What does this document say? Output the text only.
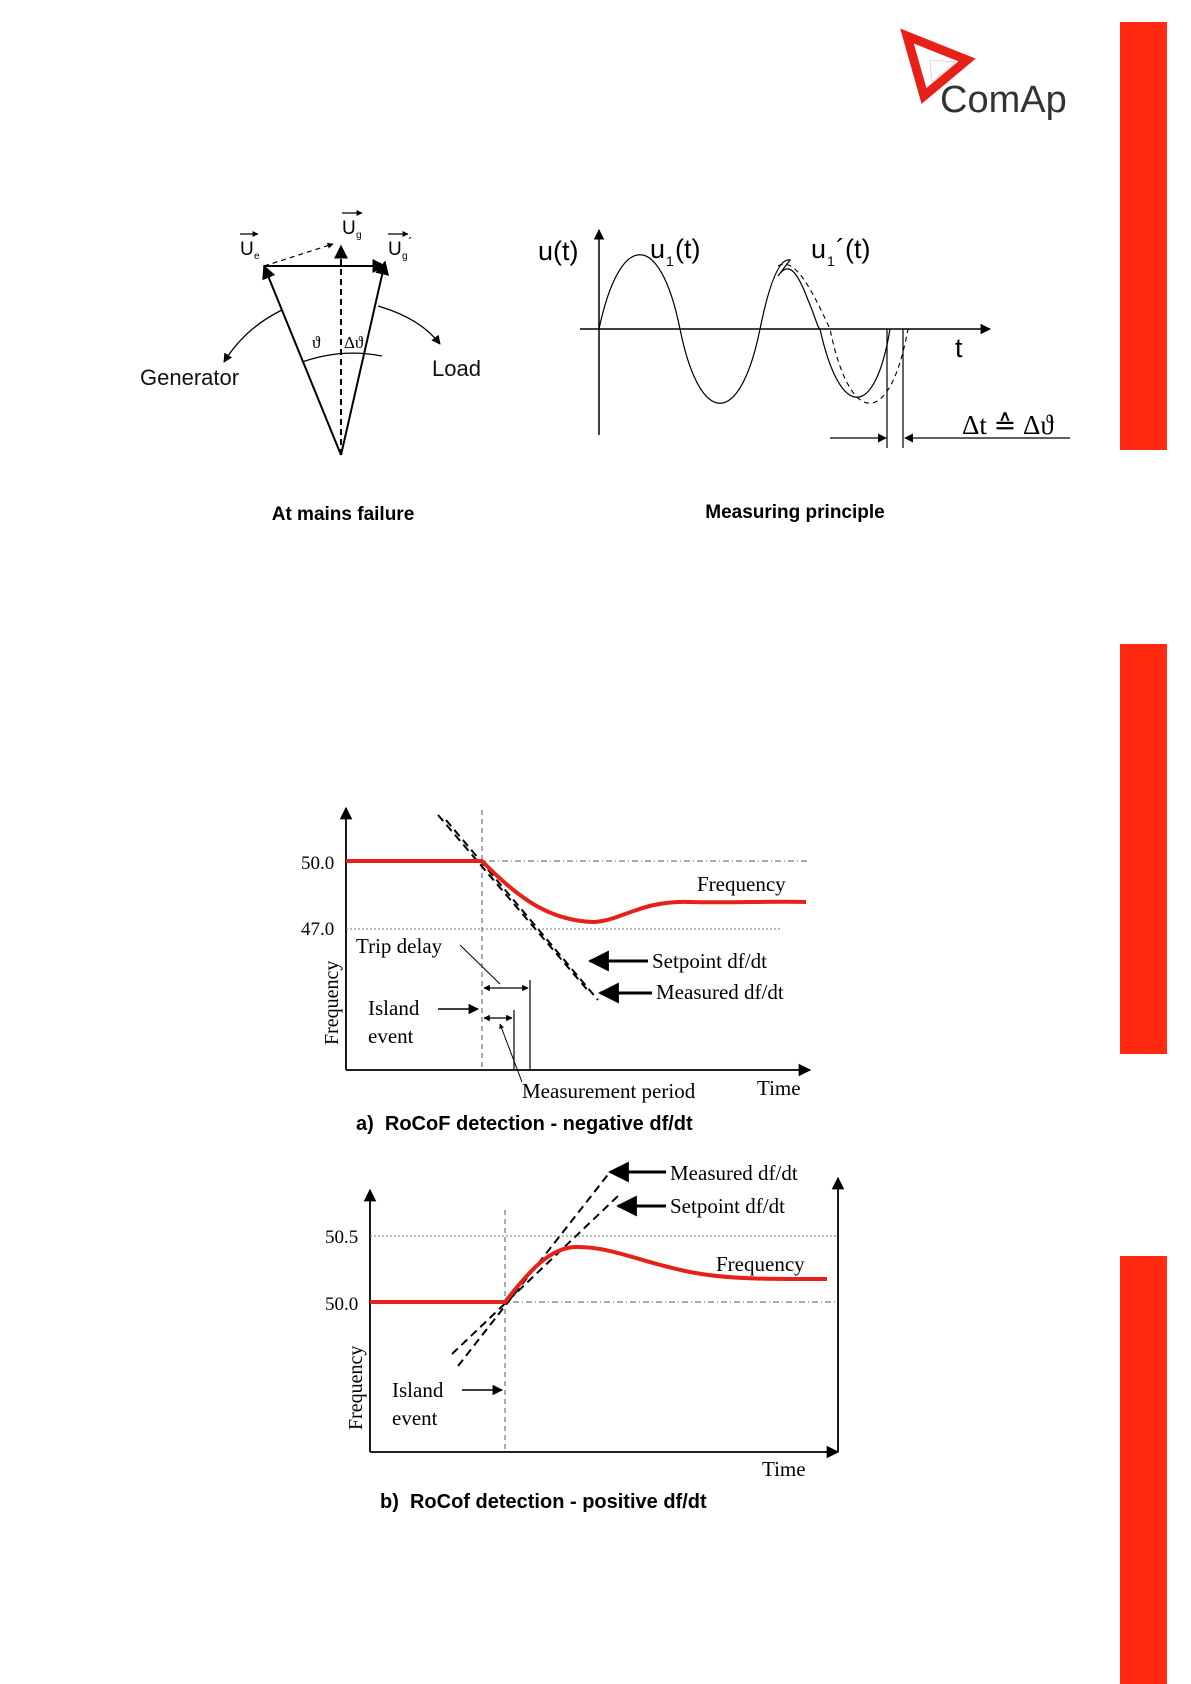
ComAp
U e
U g
U g
´
ϑ Δϑ
Generator	Load
At mains failure
u(t)	u 1 (t)	u 1 ´(t)
t
Δt ≙ Δϑ
Measuring principle
50.0
47.0
Frequency
Time
Frequency
Setpoint df/dt
Measured df/dt
Trip delay
Island
event
Measurement period
a)  RoCoF detection - negative df/dt
50.5
50.0
Frequency
Time
Frequency
Measured df/dt
Setpoint df/dt
Island
event
b)  RoCof detection - positive df/dt
